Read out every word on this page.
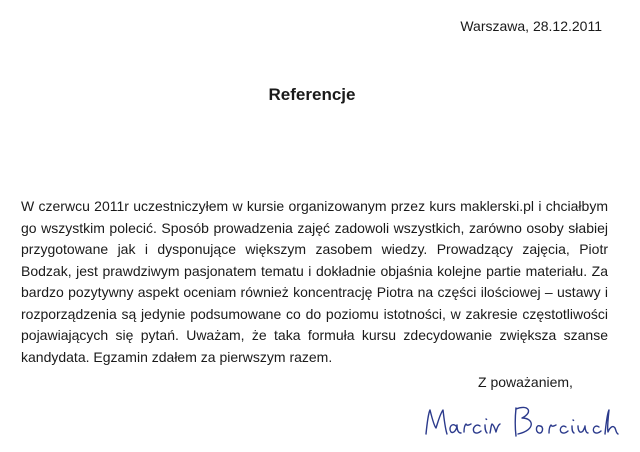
Warszawa, 28.12.2011
Referencje

W czerwcu 2011r uczestniczyłem w kursie organizowanym przez kurs maklerski.pl i chciałbym go wszystkim polecić. Sposób prowadzenia zajęć zadowoli wszystkich, zarówno osoby słabiej przygotowane jak i dysponujące większym zasobem wiedzy. Prowadzący zajęcia, Piotr Bodzak, jest prawdziwym pasjonatem tematu i dokładnie objaśnia kolejne partie materiału. Za bardzo pozytywny aspekt oceniam również koncentrację Piotra na części ilościowej – ustawy i rozporządzenia są jedynie podsumowane co do poziomu istotności, w zakresie częstotliwości pojawiających się pytań. Uważam, że taka formuła kursu zdecydowanie zwiększa szanse kandydata. Egzamin zdałem za pierwszym razem.

Z poważaniem,
